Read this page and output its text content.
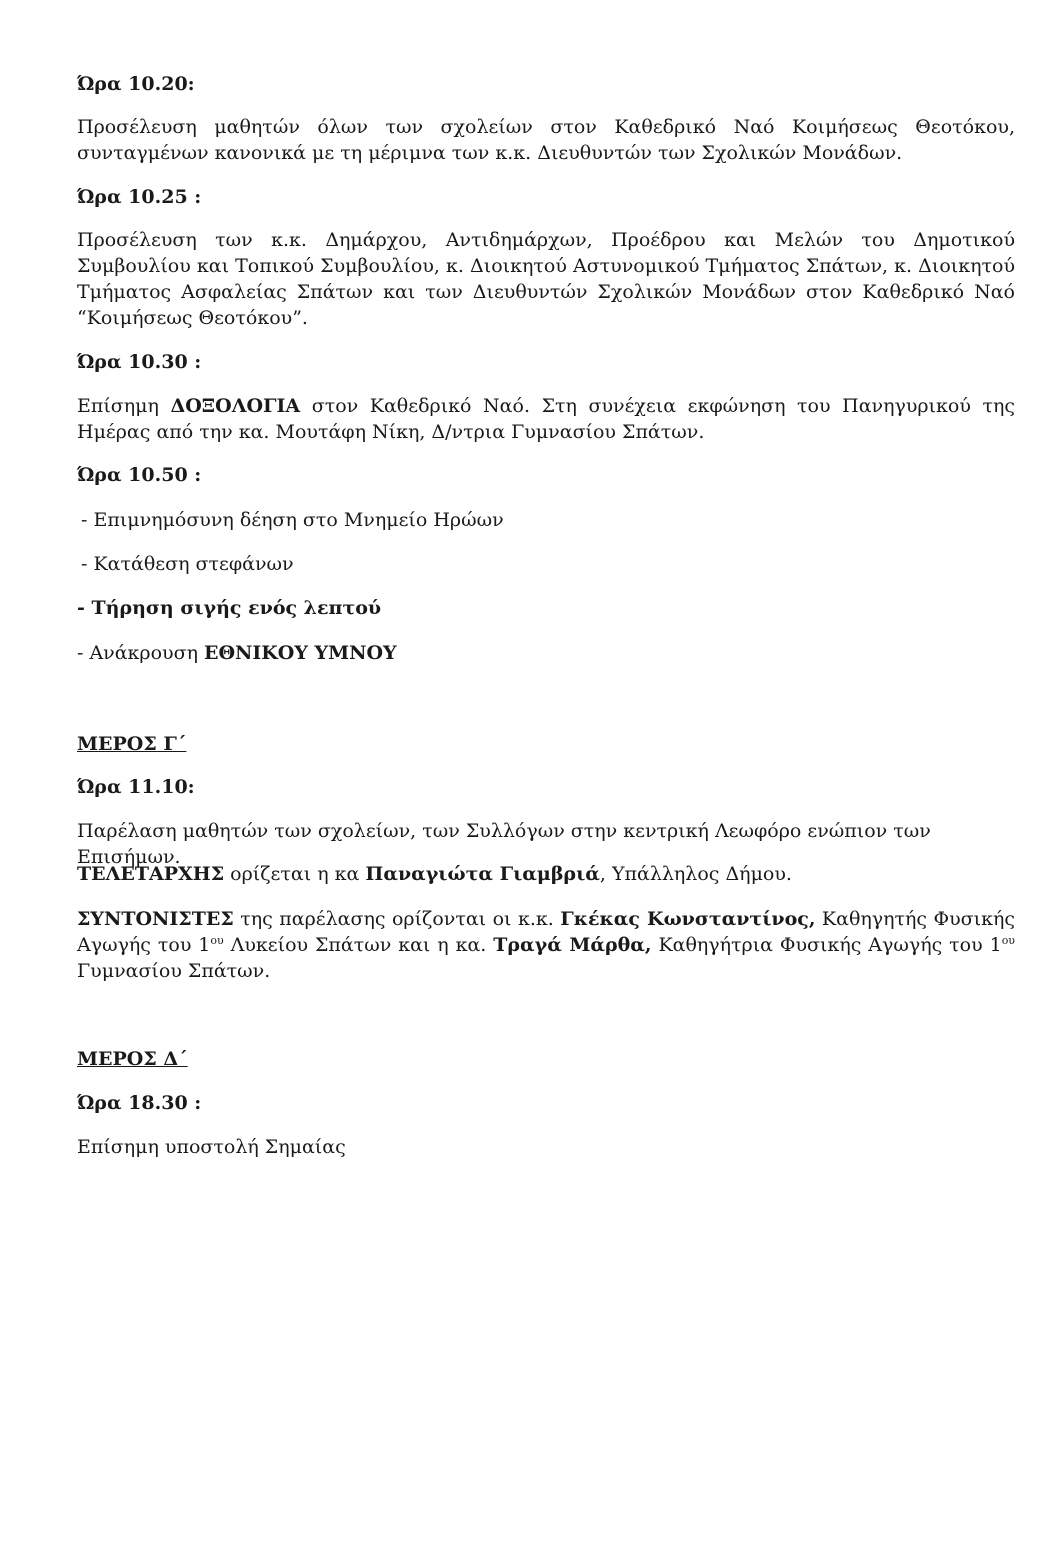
Ώρα 10.20:
Προσέλευση μαθητών όλων των σχολείων στον Καθεδρικό Ναό Κοιμήσεως Θεοτόκου, συνταγμένων κανονικά με τη μέριμνα των κ.κ. Διευθυντών των Σχολικών Μονάδων.
Ώρα 10.25 :
Προσέλευση των κ.κ. Δημάρχου, Αντιδημάρχων, Προέδρου και Μελών του Δημοτικού Συμβουλίου και Τοπικού Συμβουλίου, κ. Διοικητού Αστυνομικού Τμήματος Σπάτων, κ. Διοικητού Τμήματος Ασφαλείας Σπάτων και των Διευθυντών Σχολικών Μονάδων στον Καθεδρικό Ναό “Κοιμήσεως Θεοτόκου”.
Ώρα 10.30 :
Επίσημη ΔΟΞΟΛΟΓΙΑ στον Καθεδρικό Ναό. Στη συνέχεια εκφώνηση του Πανηγυρικού της Ημέρας από την κα. Μουτάφη Νίκη, Δ/ντρια Γυμνασίου Σπάτων.
Ώρα 10.50 :
- Επιμνημόσυνη δέηση στο Μνημείο Ηρώων
- Κατάθεση στεφάνων
- Τήρηση σιγής ενός λεπτού
- Ανάκρουση ΕΘΝΙΚΟΥ ΥΜΝΟΥ
ΜΕΡΟΣ Γ΄
Ώρα 11.10:
Παρέλαση μαθητών των σχολείων, των Συλλόγων στην κεντρική Λεωφόρο ενώπιον των Επισήμων.
ΤΕΛΕΤΑΡΧΗΣ ορίζεται η κα Παναγιώτα Γιαμβριά, Υπάλληλος Δήμου.
ΣΥΝΤΟΝΙΣΤΕΣ της παρέλασης ορίζονται οι κ.κ. Γκέκας Κωνσταντίνος, Καθηγητής Φυσικής Αγωγής του $1^{o\upsilon}$ Λυκείου Σπάτων και η κα. Τραγά Μάρθα, Καθηγήτρια Φυσικής Αγωγής του $1^{o\upsilon}$ Γυμνασίου Σπάτων.
ΜΕΡΟΣ Δ΄
Ώρα 18.30 :
Επίσημη υποστολή Σημαίας
